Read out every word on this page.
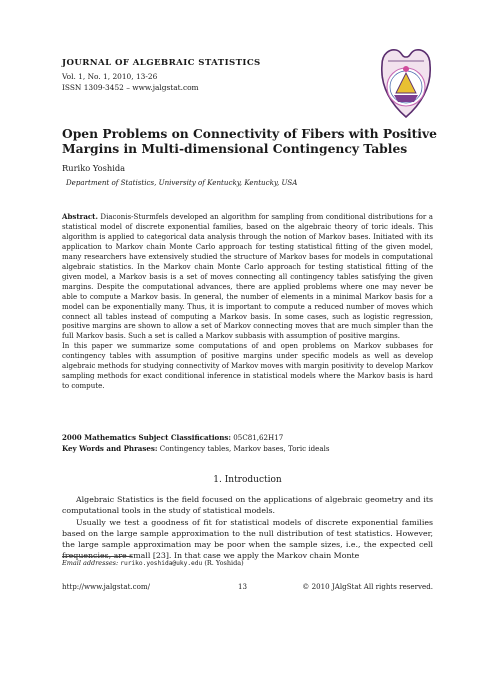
JOURNAL OF ALGEBRAIC STATISTICS
Vol. 1, No. 1, 2010, 13-26
ISSN 1309-3452 – www.jalgstat.com
Open Problems on Connectivity of Fibers with Positive Margins in Multi-dimensional Contingency Tables
Ruriko Yoshida
Department of Statistics, University of Kentucky, Kentucky, USA

Abstract. Diaconis-Sturmfels developed an algorithm for sampling from conditional distributions for a statistical model of discrete exponential families, based on the algebraic theory of toric ideals. This algorithm is applied to categorical data analysis through the notion of Markov bases. Initiated with its application to Markov chain Monte Carlo approach for testing statistical fitting of the given model, many researchers have extensively studied the structure of Markov bases for models in computational algebraic statistics. In the Markov chain Monte Carlo approach for testing statistical fitting of the given model, a Markov basis is a set of moves connecting all contingency tables satisfying the given margins. Despite the computational advances, there are applied problems where one may never be able to compute a Markov basis. In general, the number of elements in a minimal Markov basis for a model can be exponentially many. Thus, it is important to compute a reduced number of moves which connect all tables instead of computing a Markov basis. In some cases, such as logistic regression, positive margins are shown to allow a set of Markov connecting moves that are much simpler than the full Markov basis. Such a set is called a Markov subbasis with assumption of positive margins.

In this paper we summarize some computations of and open problems on Markov subbases for contingency tables with assumption of positive margins under specific models as well as develop algebraic methods for studying connectivity of Markov moves with margin positivity to develop Markov sampling methods for exact conditional inference in statistical models where the Markov basis is hard to compute.

2000 Mathematics Subject Classifications: 05C81,62H17
Key Words and Phrases: Contingency tables, Markov bases, Toric ideals
1. Introduction

Algebraic Statistics is the field focused on the applications of algebraic geometry and its computational tools in the study of statistical models.

Usually we test a goodness of fit for statistical models of discrete exponential families based on the large sample approximation to the null distribution of test statistics. However, the large sample approximation may be poor when the sample sizes, i.e., the expected cell frequencies, are small [23]. In that case we apply the Markov chain Monte

Email addresses: ruriko.yoshida@uky.edu (R. Yoshida)
http://www.jalgstat.com/	13	© 2010 JAlgStat All rights reserved.
